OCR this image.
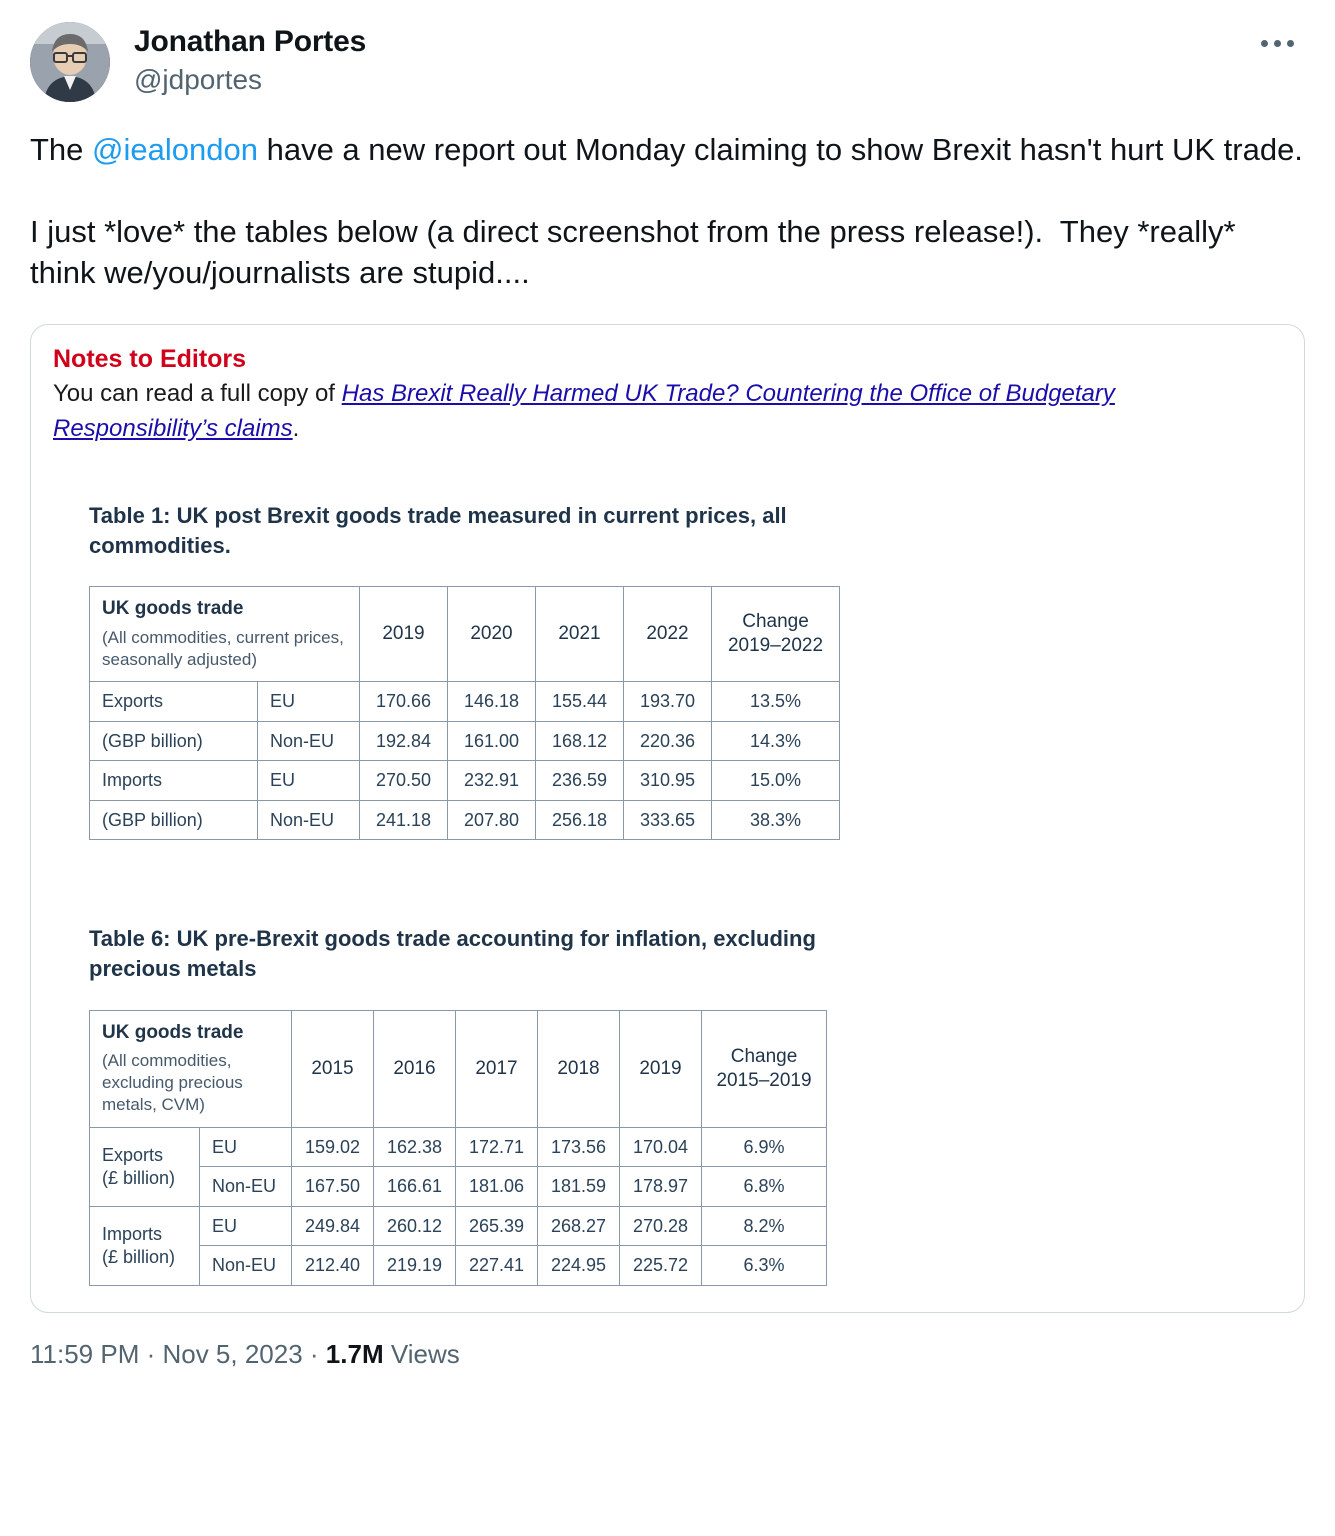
Jonathan Portes
@jdportes
The @iealondon have a new report out Monday claiming to show Brexit hasn't hurt UK trade.
I just *love* the tables below (a direct screenshot from the press release!).  They *really* think we/you/journalists are stupid....
Notes to Editors
You can read a full copy of Has Brexit Really Harmed UK Trade? Countering the Office of Budgetary Responsibility’s claims.
Table 1: UK post Brexit goods trade measured in current prices, all commodities.
UK goods trade
(All commodities, current prices, seasonally adjusted)		2019	2020	2021	2022	Change
2019–2022
Exports	EU	170.66	146.18	155.44	193.70	13.5%
(GBP billion)	Non-EU	192.84	161.00	168.12	220.36	14.3%
Imports	EU	270.50	232.91	236.59	310.95	15.0%
(GBP billion)	Non-EU	241.18	207.80	256.18	333.65	38.3%
Table 6: UK pre-Brexit goods trade accounting for inflation, excluding precious metals
UK goods trade
(All commodities, excluding precious metals, CVM)		2015	2016	2017	2018	2019	Change
2015–2019
Exports
(£ billion)	EU	159.02	162.38	172.71	173.56	170.04	6.9%
	Non-EU	167.50	166.61	181.06	181.59	178.97	6.8%
Imports
(£ billion)	EU	249.84	260.12	265.39	268.27	270.28	8.2%
	Non-EU	212.40	219.19	227.41	224.95	225.72	6.3%
11:59 PM · Nov 5, 2023 · 1.7M Views
